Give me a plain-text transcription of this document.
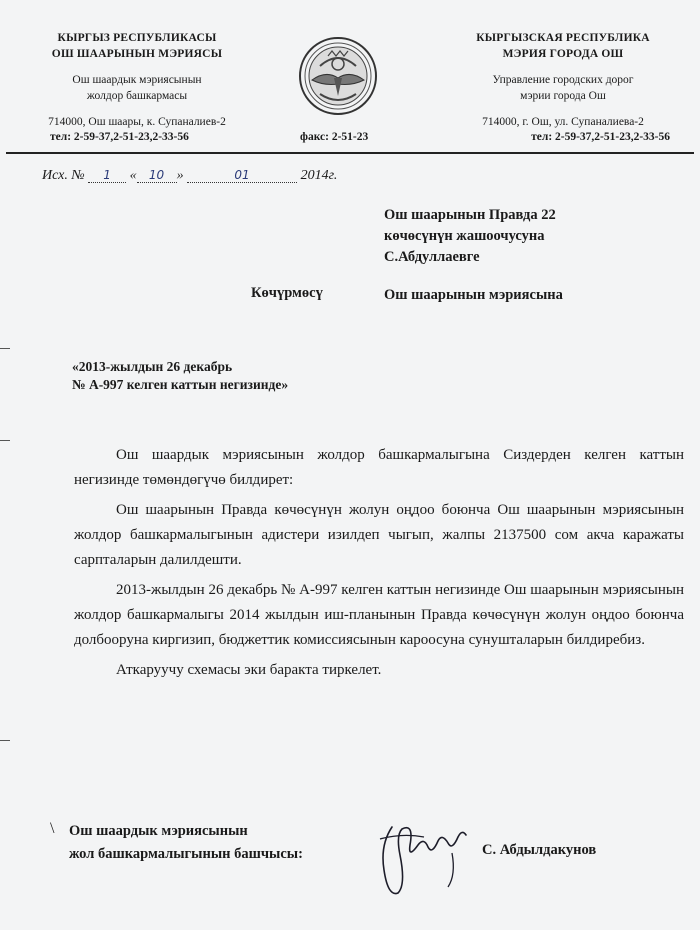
КЫРГЫЗ РЕСПУБЛИКАСЫ
ОШ ШААРЫНЫН МЭРИЯСЫ
Ош шаардык мэриясынын
жолдор башкармасы
714000, Ош шаары, к. Супаналиев-2
тел: 2-59-37,2-51-23,2-33-56	факс: 2-51-23
КЫРГЫЗСКАЯ РЕСПУБЛИКА
МЭРИЯ ГОРОДА ОШ
Управление городских дорог
мэрии города Ош
714000, г. Ош, ул. Супаналиева-2
тел: 2-59-37,2-51-23,2-33-56
Исх. № 1 « 10 »	01	2014г.
Ош шаарынын Правда 22
көчөсүнүн жашоочусуна
С.Абдуллаевге
Көчүрмөсү	Ош шаарынын мэриясына
«2013-жылдын 26 декабрь
№ А-997 келген каттын негизинде»

Ош шаардык мэриясынын жолдор башкармалыгына Сиздерден келген каттын негизинде төмөндөгүчө билдирет:

Ош шаарынын Правда көчөсүнүн жолун оңдоо боюнча Ош шаарынын мэриясынын жолдор башкармалыгынын адистери изилдеп чыгып, жалпы 2137500 сом акча каражаты сарпталарын далилдешти.

2013-жылдын 26 декабрь № А-997 келген каттын негизинде Ош шаарынын мэриясынын жолдор башкармалыгы 2014 жылдын иш-планынын Правда көчөсүнүн жолун оңдоо боюнча долбооруна киргизип, бюджеттик комиссиясынын кароосуна сунушталарын билдиребиз.

Аткаруучу схемасы эки баракта тиркелет.

\ Ош шаардык мэриясынын
жол башкармалыгынын башчысы:	С. Абдылдакунов
